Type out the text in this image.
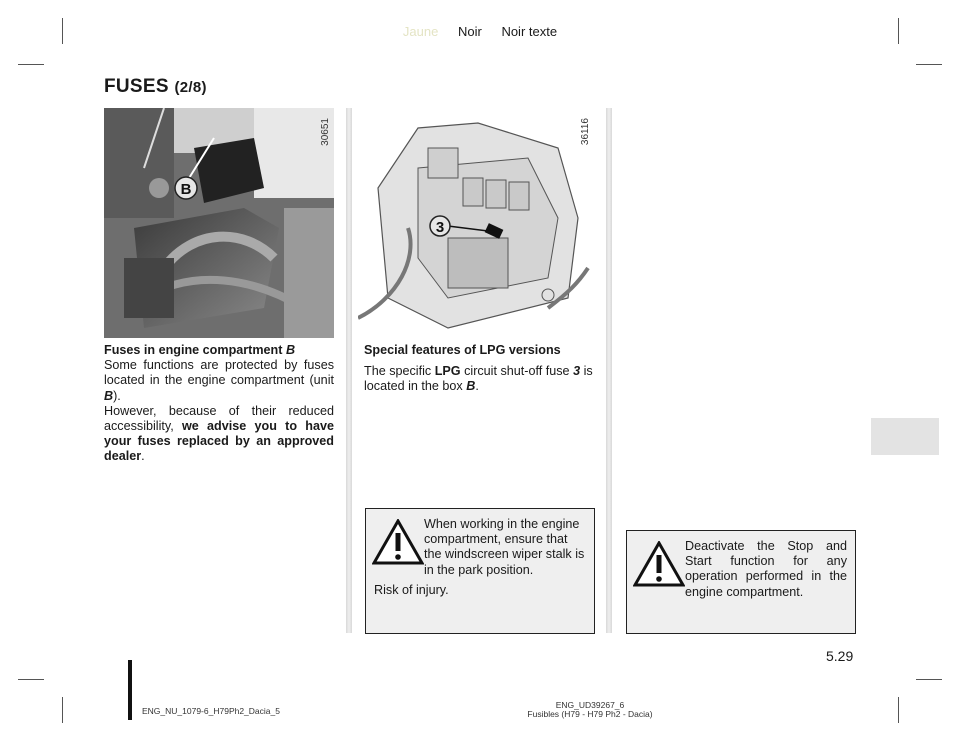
Jaune Noir Noir texte
FUSES (2/8)
B
30651
3
36116
Fuses in engine compartment B
Some functions are protected by fuses located in the engine compartment (unit B).
However, because of their reduced accessibility, we advise you to have your fuses replaced by an approved dealer.
Special features of LPG versions
The specific LPG circuit shut-off fuse 3 is located in the box B.
When working in the engine compartment, ensure that the windscreen wiper stalk is in the park position.
Risk of injury.
Deactivate the Stop and Start function for any operation performed in the engine compartment.
5.29
ENG_NU_1079-6_H79Ph2_Dacia_5
ENG_UD39267_6
Fusibles (H79 - H79 Ph2 - Dacia)
